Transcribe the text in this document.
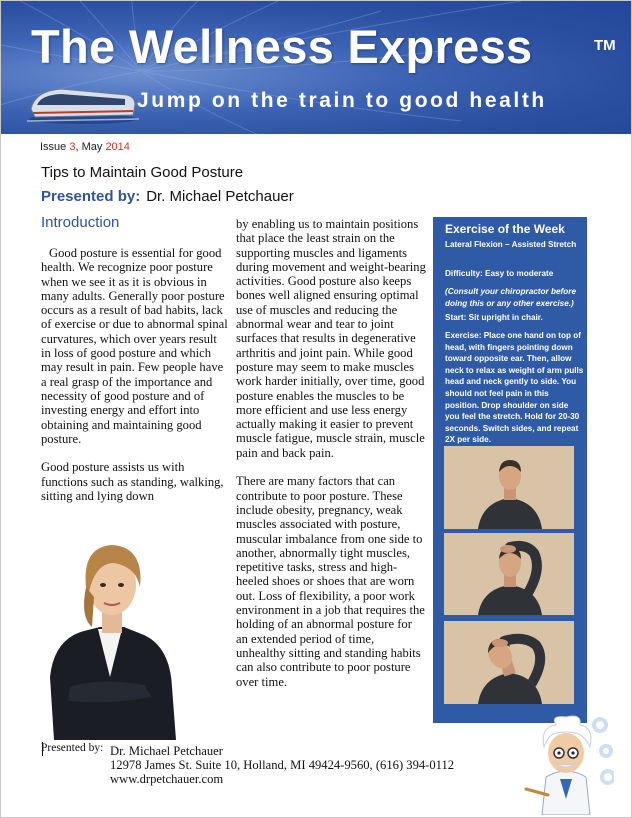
The Wellness Express	TM
Jump on the train to good health
Issue 3, May 2014
Tips to Maintain Good Posture
Presented by: Dr. Michael Petchauer
Introduction

Good posture is essential for good health. We recognize poor posture when we see it as it is obvious in many adults. Generally poor posture occurs as a result of bad habits, lack of exercise or due to abnormal spinal curvatures, which over years result in loss of good posture and which may result in pain. Few people have a real grasp of the importance and necessity of good posture and of investing energy and effort into obtaining and maintaining good posture.

Good posture assists us with functions such as standing, walking, sitting and lying down

by enabling us to maintain positions that place the least strain on the supporting muscles and ligaments during movement and weight-bearing activities. Good posture also keeps bones well aligned ensuring optimal use of muscles and reducing the abnormal wear and tear to joint surfaces that results in degenerative arthritis and joint pain. While good posture may seem to make muscles work harder initially, over time, good posture enables the muscles to be more efficient and use less energy actually making it easier to prevent muscle fatigue, muscle strain, muscle pain and back pain.

There are many factors that can contribute to poor posture. These include obesity, pregnancy, weak muscles associated with posture, muscular imbalance from one side to another, abnormally tight muscles, repetitive tasks, stress and high-heeled shoes or shoes that are worn out. Loss of flexibility, a poor work environment in a job that requires the holding of an abnormal posture for an extended period of time, unhealthy sitting and standing habits can also contribute to poor posture over time.

Exercise of the Week
Lateral Flexion – Assisted Stretch
Difficulty: Easy to moderate
(Consult your chiropractor before doing this or any other exercise.)
Start: Sit upright in chair.
Exercise: Place one hand on top of head, with fingers pointing down toward opposite ear. Then, allow neck to relax as weight of arm pulls head and neck gently to side. You should not feel pain in this position. Drop shoulder on side you feel the stretch. Hold for 20-30 seconds. Switch sides, and repeat 2X per side.
Presented by: Dr. Michael Petchauer
12978 James St. Suite 10, Holland, MI 49424-9560, (616) 394-0112
www.drpetchauer.com
